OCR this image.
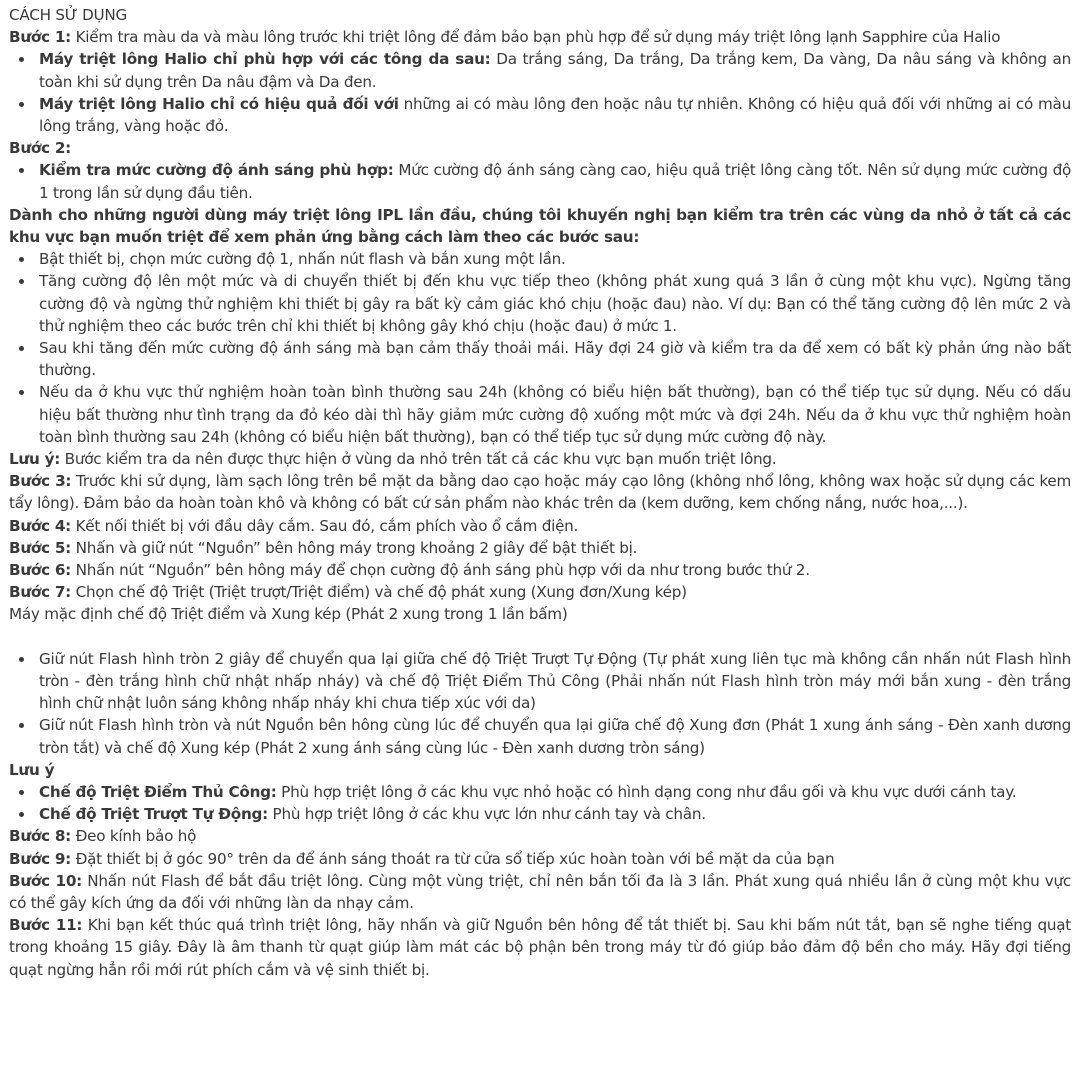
CÁCH SỬ DỤNG

Bước 1: Kiểm tra màu da và màu lông trước khi triệt lông để đảm bảo bạn phù hợp để sử dụng máy triệt lông lạnh Sapphire của Halio

Máy triệt lông Halio chỉ phù hợp với các tông da sau: Da trắng sáng, Da trắng, Da trắng kem, Da vàng, Da nâu sáng và không an toàn khi sử dụng trên Da nâu đậm và Da đen.
Máy triệt lông Halio chỉ có hiệu quả đối với những ai có màu lông đen hoặc nâu tự nhiên. Không có hiệu quả đối với những ai có màu lông trắng, vàng hoặc đỏ.

Bước 2:

Kiểm tra mức cường độ ánh sáng phù hợp: Mức cường độ ánh sáng càng cao, hiệu quả triệt lông càng tốt. Nên sử dụng mức cường độ 1 trong lần sử dụng đầu tiên.

Dành cho những người dùng máy triệt lông IPL lần đầu, chúng tôi khuyến nghị bạn kiểm tra trên các vùng da nhỏ ở tất cả các khu vực bạn muốn triệt để xem phản ứng bằng cách làm theo các bước sau:

Bật thiết bị, chọn mức cường độ 1, nhấn nút flash và bắn xung một lần.
Tăng cường độ lên một mức và di chuyển thiết bị đến khu vực tiếp theo (không phát xung quá 3 lần ở cùng một khu vực). Ngừng tăng cường độ và ngừng thử nghiệm khi thiết bị gây ra bất kỳ cảm giác khó chịu (hoặc đau) nào. Ví dụ: Bạn có thể tăng cường độ lên mức 2 và thử nghiệm theo các bước trên chỉ khi thiết bị không gây khó chịu (hoặc đau) ở mức 1.
Sau khi tăng đến mức cường độ ánh sáng mà bạn cảm thấy thoải mái. Hãy đợi 24 giờ và kiểm tra da để xem có bất kỳ phản ứng nào bất thường.
Nếu da ở khu vực thử nghiệm hoàn toàn bình thường sau 24h (không có biểu hiện bất thường), bạn có thể tiếp tục sử dụng. Nếu có dấu hiệu bất thường như tình trạng da đỏ kéo dài thì hãy giảm mức cường độ xuống một mức và đợi 24h. Nếu da ở khu vực thử nghiệm hoàn toàn bình thường sau 24h (không có biểu hiện bất thường), bạn có thể tiếp tục sử dụng mức cường độ này.

Lưu ý: Bước kiểm tra da nên được thực hiện ở vùng da nhỏ trên tất cả các khu vực bạn muốn triệt lông.

Bước 3: Trước khi sử dụng, làm sạch lông trên bề mặt da bằng dao cạo hoặc máy cạo lông (không nhổ lông, không wax hoặc sử dụng các kem tẩy lông). Đảm bảo da hoàn toàn khô và không có bất cứ sản phẩm nào khác trên da (kem dưỡng, kem chống nắng, nước hoa,...).

Bước 4: Kết nối thiết bị với đầu dây cắm. Sau đó, cắm phích vào ổ cắm điện.

Bước 5: Nhấn và giữ nút “Nguồn” bên hông máy trong khoảng 2 giây để bật thiết bị.

Bước 6: Nhấn nút “Nguồn” bên hông máy để chọn cường độ ánh sáng phù hợp với da như trong bước thứ 2.

Bước 7: Chọn chế độ Triệt (Triệt trượt/Triệt điểm) và chế độ phát xung (Xung đơn/Xung kép)

Máy mặc định chế độ Triệt điểm và Xung kép (Phát 2 xung trong 1 lần bấm)

Giữ nút Flash hình tròn 2 giây để chuyển qua lại giữa chế độ Triệt Trượt Tự Động (Tự phát xung liên tục mà không cần nhấn nút Flash hình tròn - đèn trắng hình chữ nhật nhấp nháy) và chế độ Triệt Điểm Thủ Công (Phải nhấn nút Flash hình tròn máy mới bắn xung - đèn trắng hình chữ nhật luôn sáng không nhấp nháy khi chưa tiếp xúc với da)
Giữ nút Flash hình tròn và nút Nguồn bên hông cùng lúc để chuyển qua lại giữa chế độ Xung đơn (Phát 1 xung ánh sáng - Đèn xanh dương tròn tắt) và chế độ Xung kép (Phát 2 xung ánh sáng cùng lúc - Đèn xanh dương tròn sáng)

Lưu ý

Chế độ Triệt Điểm Thủ Công: Phù hợp triệt lông ở các khu vực nhỏ hoặc có hình dạng cong như đầu gối và khu vực dưới cánh tay.
Chế độ Triệt Trượt Tự Động: Phù hợp triệt lông ở các khu vực lớn như cánh tay và chân.

Bước 8: Đeo kính bảo hộ

Bước 9: Đặt thiết bị ở góc 90° trên da để ánh sáng thoát ra từ cửa sổ tiếp xúc hoàn toàn với bề mặt da của bạn

Bước 10: Nhấn nút Flash để bắt đầu triệt lông. Cùng một vùng triệt, chỉ nên bắn tối đa là 3 lần. Phát xung quá nhiều lần ở cùng một khu vực có thể gây kích ứng da đối với những làn da nhạy cảm.

Bước 11: Khi bạn kết thúc quá trình triệt lông, hãy nhấn và giữ Nguồn bên hông để tắt thiết bị. Sau khi bấm nút tắt, bạn sẽ nghe tiếng quạt trong khoảng 15 giây. Đây là âm thanh từ quạt giúp làm mát các bộ phận bên trong máy từ đó giúp bảo đảm độ bền cho máy. Hãy đợi tiếng quạt ngừng hẳn rồi mới rút phích cắm và vệ sinh thiết bị.
